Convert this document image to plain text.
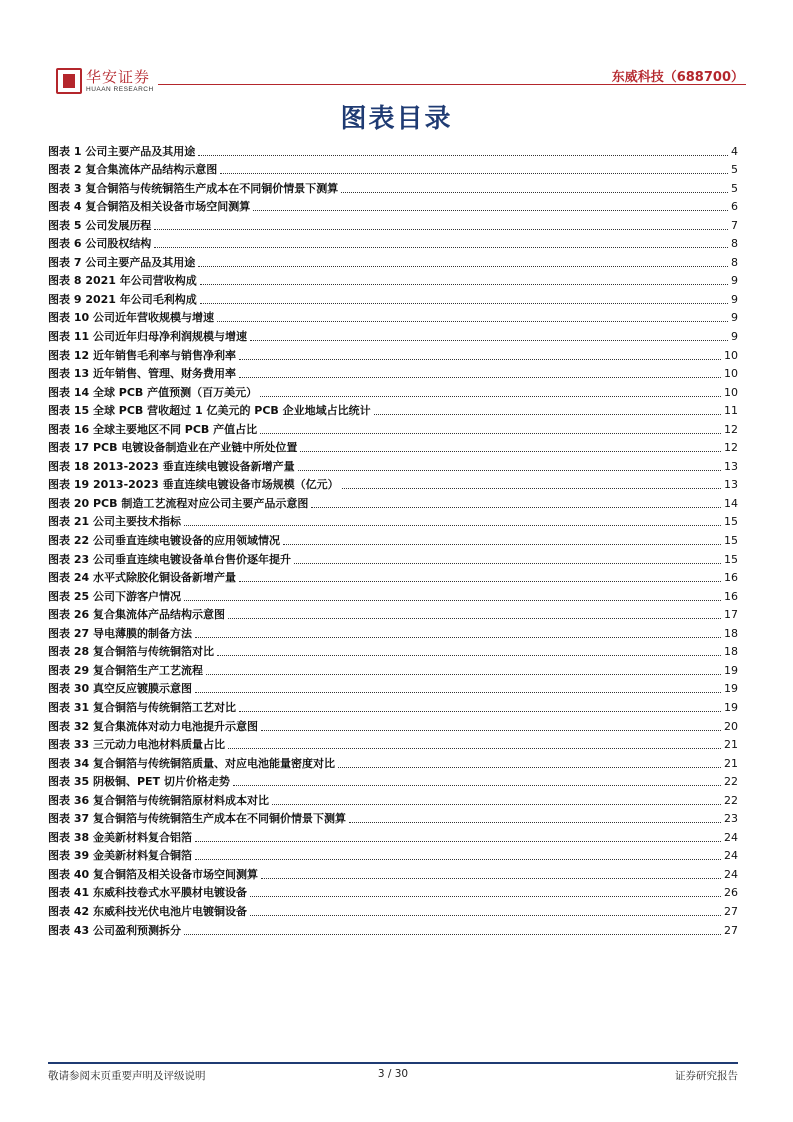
华安证券
HUAAN RESEARCH
东威科技（688700）
图表目录
图表 1 公司主要产品及其用途	4
图表 2 复合集流体产品结构示意图	5
图表 3 复合铜箔与传统铜箔生产成本在不同铜价情景下测算	5
图表 4 复合铜箔及相关设备市场空间测算	6
图表 5 公司发展历程	7
图表 6 公司股权结构	8
图表 7 公司主要产品及其用途	8
图表 8 2021 年公司营收构成	9
图表 9 2021 年公司毛利构成	9
图表 10 公司近年营收规模与增速	9
图表 11 公司近年归母净利润规模与增速	9
图表 12 近年销售毛利率与销售净利率	10
图表 13 近年销售、管理、财务费用率	10
图表 14 全球 PCB 产值预测（百万美元）	10
图表 15 全球 PCB 营收超过 1 亿美元的 PCB 企业地域占比统计	11
图表 16 全球主要地区不同 PCB 产值占比	12
图表 17 PCB 电镀设备制造业在产业链中所处位置	12
图表 18 2013-2023 垂直连续电镀设备新增产量	13
图表 19 2013-2023 垂直连续电镀设备市场规模（亿元）	13
图表 20 PCB 制造工艺流程对应公司主要产品示意图	14
图表 21 公司主要技术指标	15
图表 22 公司垂直连续电镀设备的应用领域情况	15
图表 23 公司垂直连续电镀设备单台售价逐年提升	15
图表 24 水平式除胶化铜设备新增产量	16
图表 25 公司下游客户情况	16
图表 26 复合集流体产品结构示意图	17
图表 27 导电薄膜的制备方法	18
图表 28 复合铜箔与传统铜箔对比	18
图表 29 复合铜箔生产工艺流程	19
图表 30 真空反应镀膜示意图	19
图表 31 复合铜箔与传统铜箔工艺对比	19
图表 32 复合集流体对动力电池提升示意图	20
图表 33 三元动力电池材料质量占比	21
图表 34 复合铜箔与传统铜箔质量、对应电池能量密度对比	21
图表 35 阴极铜、PET 切片价格走势	22
图表 36 复合铜箔与传统铜箔原材料成本对比	22
图表 37 复合铜箔与传统铜箔生产成本在不同铜价情景下测算	23
图表 38 金美新材料复合铝箔	24
图表 39 金美新材料复合铜箔	24
图表 40 复合铜箔及相关设备市场空间测算	24
图表 41 东威科技卷式水平膜材电镀设备	26
图表 42 东威科技光伏电池片电镀铜设备	27
图表 43 公司盈利预测拆分	27
敬请参阅末页重要声明及评级说明	3 / 30	证券研究报告
